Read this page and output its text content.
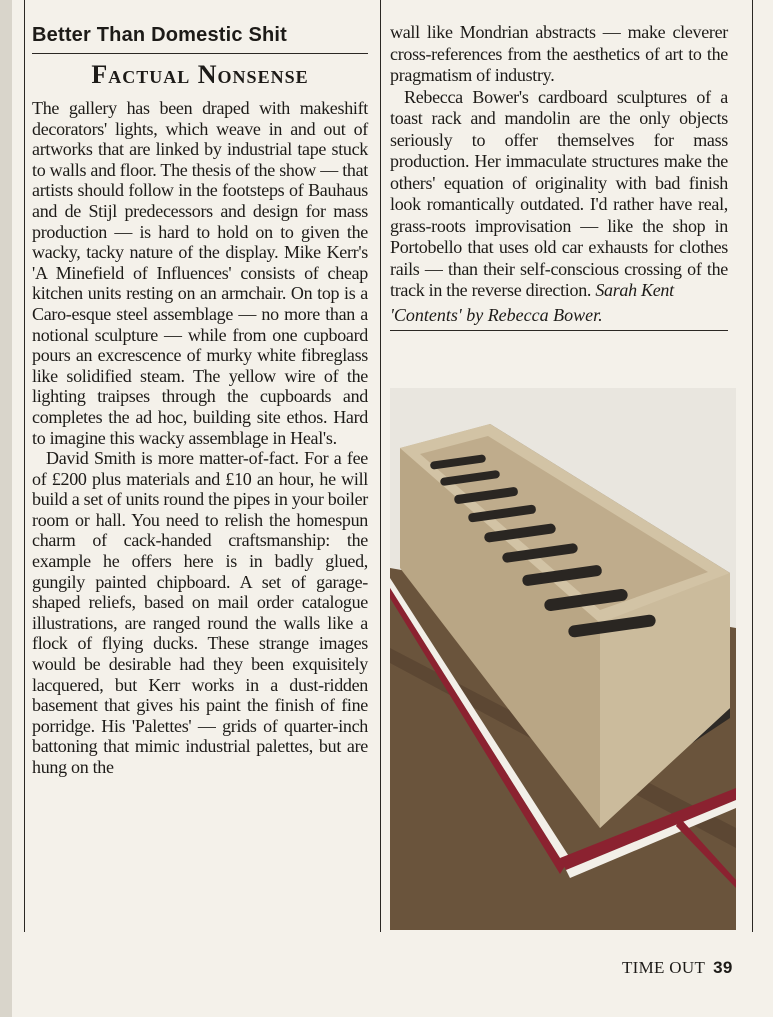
Better Than Domestic Shit
Factual Nonsense

The gallery has been draped with makeshift decorators' lights, which weave in and out of artworks that are linked by industrial tape stuck to walls and floor. The thesis of the show — that artists should follow in the footsteps of Bauhaus and de Stijl predecessors and design for mass production — is hard to hold on to given the wacky, tacky nature of the display. Mike Kerr's 'A Minefield of Influences' consists of cheap kitchen units resting on an armchair. On top is a Caro-esque steel assemblage — no more than a notional sculpture — while from one cupboard pours an excrescence of murky white fibreglass like solidified steam. The yellow wire of the lighting traipses through the cupboards and completes the ad hoc, building site ethos. Hard to imagine this wacky assemblage in Heal's.

David Smith is more matter-of-fact. For a fee of £200 plus materials and £10 an hour, he will build a set of units round the pipes in your boiler room or hall. You need to relish the homespun charm of cack-handed craftsmanship: the example he offers here is in badly glued, gungily painted chipboard. A set of garage-shaped reliefs, based on mail order catalogue illustrations, are ranged round the walls like a flock of flying ducks. These strange images would be desirable had they been exquisitely lacquered, but Kerr works in a dust-ridden basement that gives his paint the finish of fine porridge. His 'Palettes' — grids of quarter-inch battoning that mimic industrial palettes, but are hung on the

wall like Mondrian abstracts — make cleverer cross-references from the aesthetics of art to the pragmatism of industry.

Rebecca Bower's cardboard sculptures of a toast rack and mandolin are the only objects seriously to offer themselves for mass production. Her immaculate structures make the others' equation of originality with bad finish look romantically outdated. I'd rather have real, grass-roots improvisation — like the shop in Portobello that uses old car exhausts for clothes rails — than their self-conscious crossing of the track in the reverse direction. Sarah Kent

'Contents' by Rebecca Bower.
TIME OUT 39
